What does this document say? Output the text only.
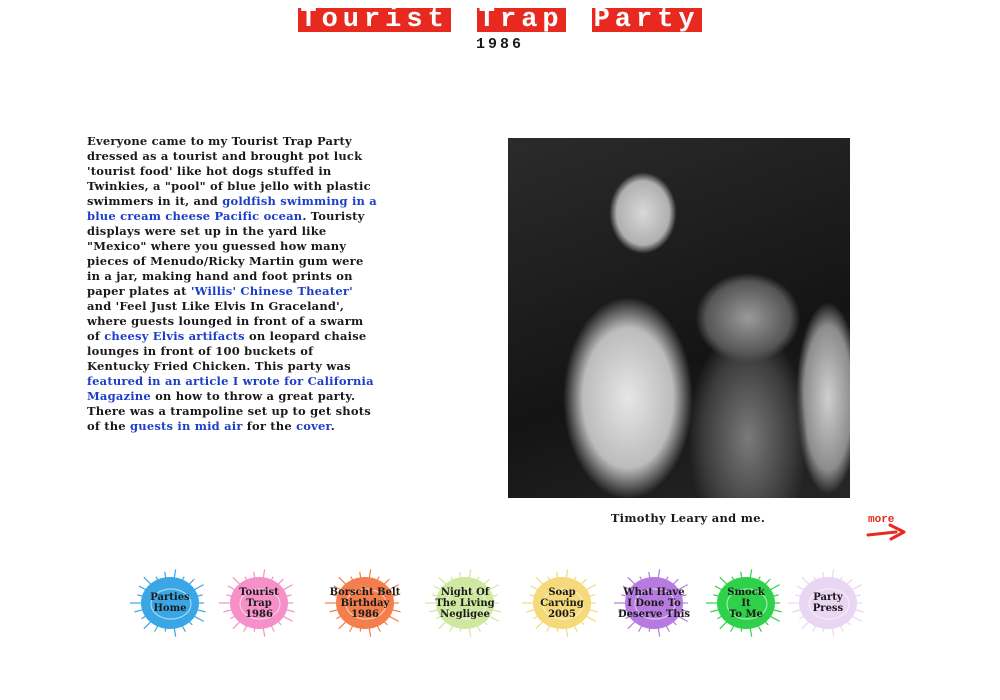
Tourist Trap Party
1986
Everyone came to my Tourist Trap Party dressed as a tourist and brought pot luck 'tourist food' like hot dogs stuffed in Twinkies, a "pool" of blue jello with plastic swimmers in it, and goldfish swimming in a blue cream cheese Pacific ocean. Touristy displays were set up in the yard like "Mexico" where you guessed how many pieces of Menudo/Ricky Martin gum were in a jar, making hand and foot prints on paper plates at 'Willis' Chinese Theater' and 'Feel Just Like Elvis In Graceland', where guests lounged in front of a swarm of cheesy Elvis artifacts on leopard chaise lounges in front of 100 buckets of Kentucky Fried Chicken. This party was featured in an article I wrote for California Magazine on how to throw a great party. There was a trampoline set up to get shots of the guests in mid air for the cover.
Timothy Leary and me.	more
Parties
Home
Tourist
Trap
1986
Borscht Belt
Birthday
1986
Night Of
The Living
Negligee
Soap
Carving
2005
What Have
I Done To
Deserve This
Smock
It
To Me
Party
Press
